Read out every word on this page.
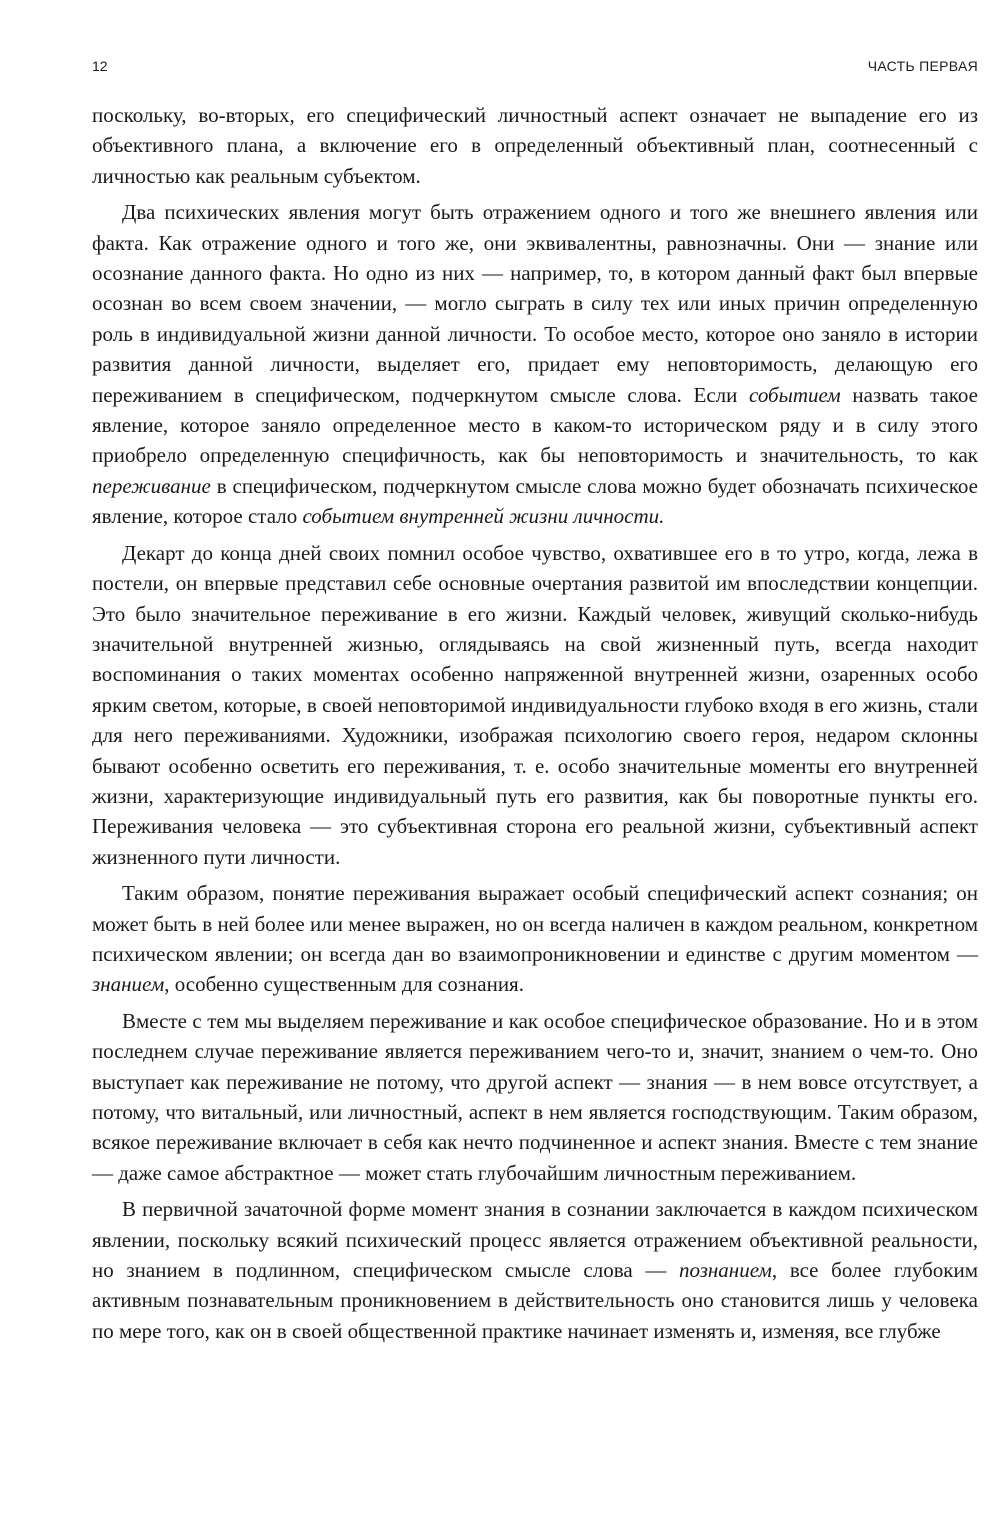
12	ЧАСТЬ ПЕРВАЯ

поскольку, во-вторых, его специфический личностный аспект означает не выпадение его из объективного плана, а включение его в определенный объективный план, соотнесенный с личностью как реальным субъектом.

Два психических явления могут быть отражением одного и того же внешнего явления или факта. Как отражение одного и того же, они эквивалентны, равнозначны. Они — знание или осознание данного факта. Но одно из них — например, то, в котором данный факт был впервые осознан во всем своем значении, — могло сыграть в силу тех или иных причин определенную роль в индивидуальной жизни данной личности. То особое место, которое оно заняло в истории развития данной личности, выделяет его, придает ему неповторимость, делающую его переживанием в специфическом, подчеркнутом смысле слова. Если событием назвать такое явление, которое заняло определенное место в каком-то историческом ряду и в силу этого приобрело определенную специфичность, как бы неповторимость и значительность, то как переживание в специфическом, подчеркнутом смысле слова можно будет обозначать психическое явление, которое стало событием внутренней жизни личности.

Декарт до конца дней своих помнил особое чувство, охватившее его в то утро, когда, лежа в постели, он впервые представил себе основные очертания развитой им впоследствии концепции. Это было значительное переживание в его жизни. Каждый человек, живущий сколько-нибудь значительной внутренней жизнью, оглядываясь на свой жизненный путь, всегда находит воспоминания о таких моментах особенно напряженной внутренней жизни, озаренных особо ярким светом, которые, в своей неповторимой индивидуальности глубоко входя в его жизнь, стали для него переживаниями. Художники, изображая психологию своего героя, недаром склонны бывают особенно осветить его переживания, т. е. особо значительные моменты его внутренней жизни, характеризующие индивидуальный путь его развития, как бы поворотные пункты его. Переживания человека — это субъективная сторона его реальной жизни, субъективный аспект жизненного пути личности.

Таким образом, понятие переживания выражает особый специфический аспект сознания; он может быть в ней более или менее выражен, но он всегда наличен в каждом реальном, конкретном психическом явлении; он всегда дан во взаимопроникновении и единстве с другим моментом — знанием, особенно существенным для сознания.

Вместе с тем мы выделяем переживание и как особое специфическое образование. Но и в этом последнем случае переживание является переживанием чего-то и, значит, знанием о чем-то. Оно выступает как переживание не потому, что другой аспект — знания — в нем вовсе отсутствует, а потому, что витальный, или личностный, аспект в нем является господствующим. Таким образом, всякое переживание включает в себя как нечто подчиненное и аспект знания. Вместе с тем знание — даже самое абстрактное — может стать глубочайшим личностным переживанием.

В первичной зачаточной форме момент знания в сознании заключается в каждом психическом явлении, поскольку всякий психический процесс является отражением объективной реальности, но знанием в подлинном, специфическом смысле слова — познанием, все более глубоким активным познавательным проникновением в действительность оно становится лишь у человека по мере того, как он в своей общественной практике начинает изменять и, изменяя, все глубже
